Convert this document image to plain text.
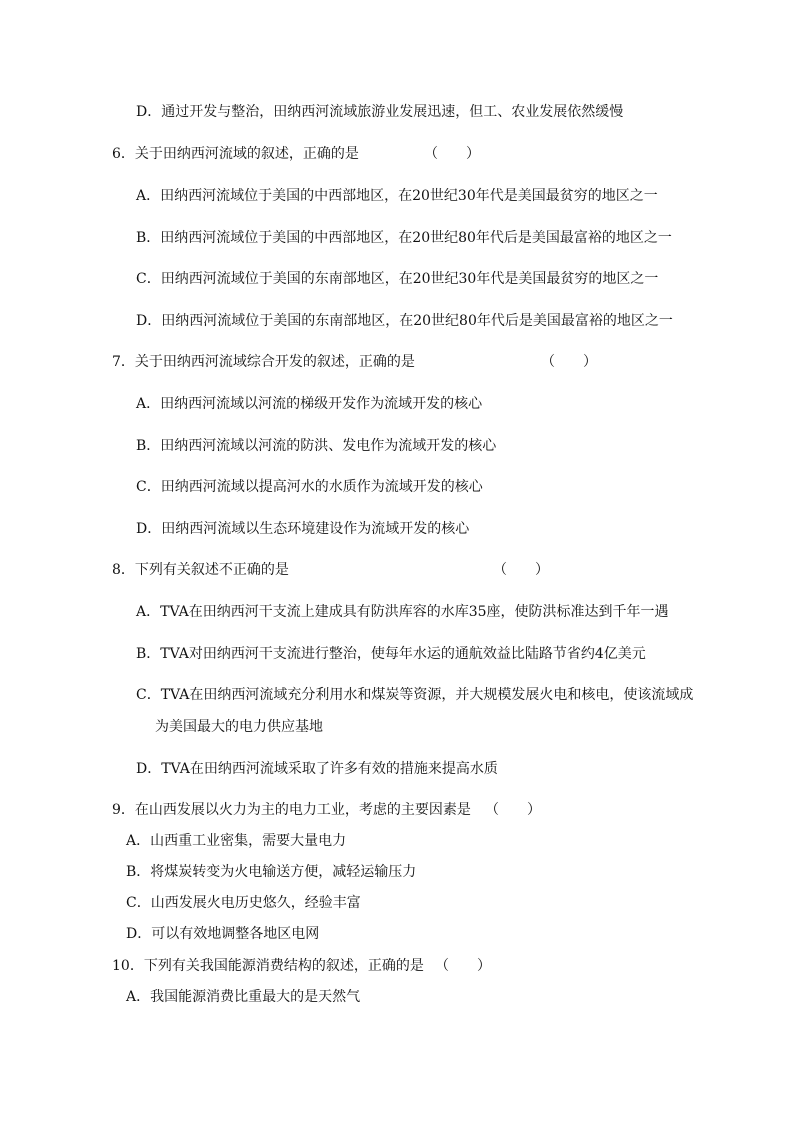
D．通过开发与整治，田纳西河流域旅游业发展迅速，但工、农业发展依然缓慢
6．关于田纳西河流域的叙述，正确的是	（　　）
A．田纳西河流域位于美国的中西部地区，在20世纪30年代是美国最贫穷的地区之一
B．田纳西河流域位于美国的中西部地区，在20世纪80年代后是美国最富裕的地区之一
C．田纳西河流域位于美国的东南部地区，在20世纪30年代是美国最贫穷的地区之一
D．田纳西河流域位于美国的东南部地区，在20世纪80年代后是美国最富裕的地区之一
7．关于田纳西河流域综合开发的叙述，正确的是	（　　）
A．田纳西河流域以河流的梯级开发作为流域开发的核心
B．田纳西河流域以河流的防洪、发电作为流域开发的核心
C．田纳西河流域以提高河水的水质作为流域开发的核心
D．田纳西河流域以生态环境建设作为流域开发的核心
8．下列有关叙述不正确的是	（　　）
A．TVA在田纳西河干支流上建成具有防洪库容的水库35座，使防洪标准达到千年一遇
B．TVA对田纳西河干支流进行整治，使每年水运的通航效益比陆路节省约4亿美元
C．TVA在田纳西河流域充分利用水和煤炭等资源，并大规模发展火电和核电，使该流域成
为美国最大的电力供应基地
D．TVA在田纳西河流域采取了许多有效的措施来提高水质
9．在山西发展以火力为主的电力工业，考虑的主要因素是 （　　）
A．山西重工业密集，需要大量电力
B．将煤炭转变为火电输送方便，减轻运输压力
C．山西发展火电历史悠久，经验丰富
D．可以有效地调整各地区电网
10．下列有关我国能源消费结构的叙述，正确的是 （　　）
A．我国能源消费比重最大的是天然气
